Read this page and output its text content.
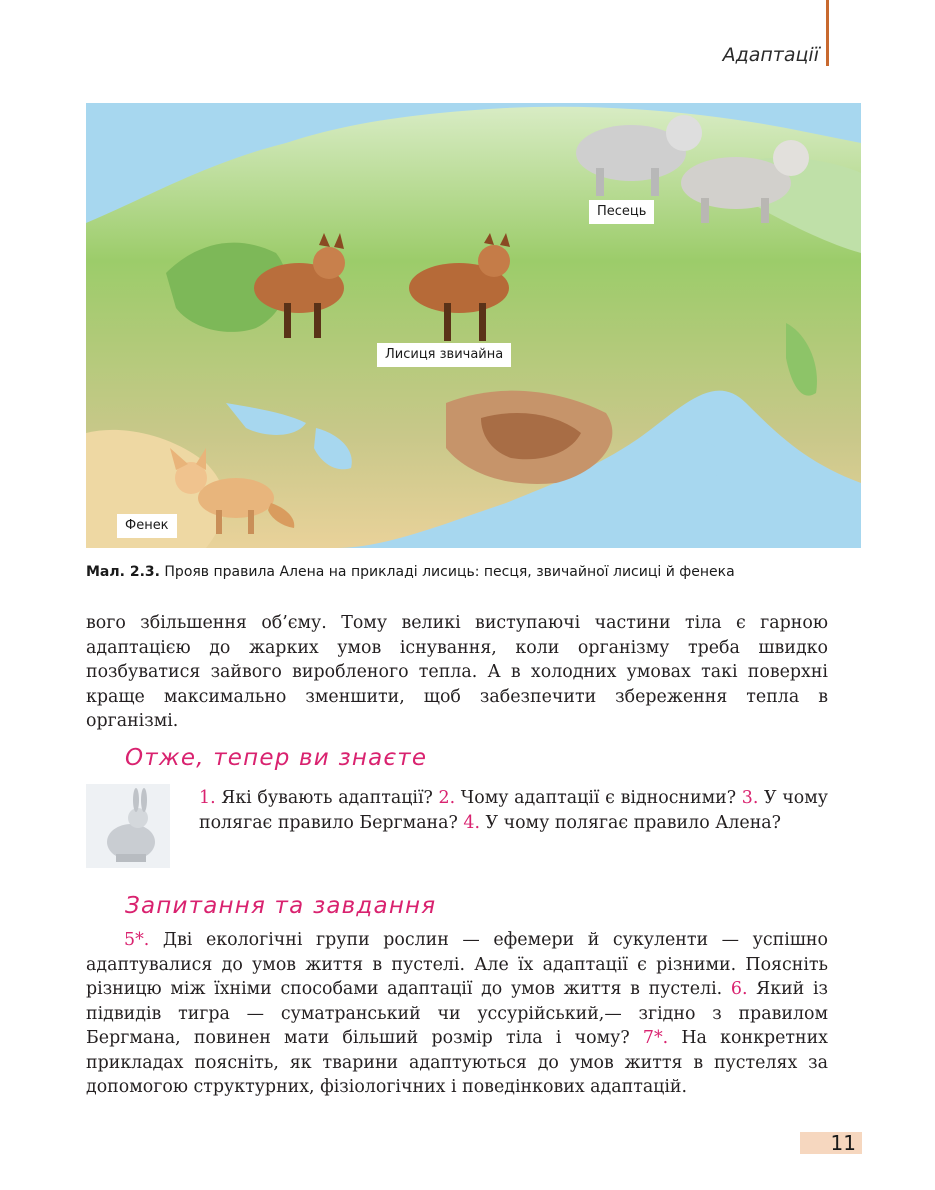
Адаптації
Песець
Лисиця звичайна
Фенек
Мал. 2.3. Прояв правила Алена на прикладі лисиць: песця, звичайної лисиці й фенека

вого збільшення об’єму. Тому великі виступаючі частини тіла є гарною адаптацією до жарких умов існування, коли організму треба швидко позбуватися зайвого виробленого тепла. А в холодних умовах такі поверхні краще максимально зменшити, щоб забезпечити збереження тепла в організмі.

Отже, тепер ви знаєте

1. Які бувають адаптації? 2. Чому адаптації є відносними? 3. У чому полягає правило Бергмана? 4. У чому полягає правило Алена?

Запитання та завдання

5*. Дві екологічні групи рослин — ефемери й сукуленти — успішно адаптувалися до умов життя в пустелі. Але їх адаптації є різними. Поясніть різницю між їхніми способами адаптації до умов життя в пустелі. 6. Який із підвидів тигра — суматранський чи уссурійський,— згідно з правилом Бергмана, повинен мати більший розмір тіла і чому? 7*. На конкретних прикладах поясніть, як тварини адаптуються до умов життя в пустелях за допомогою структурних, фізіологічних і поведінкових адаптацій.

11
